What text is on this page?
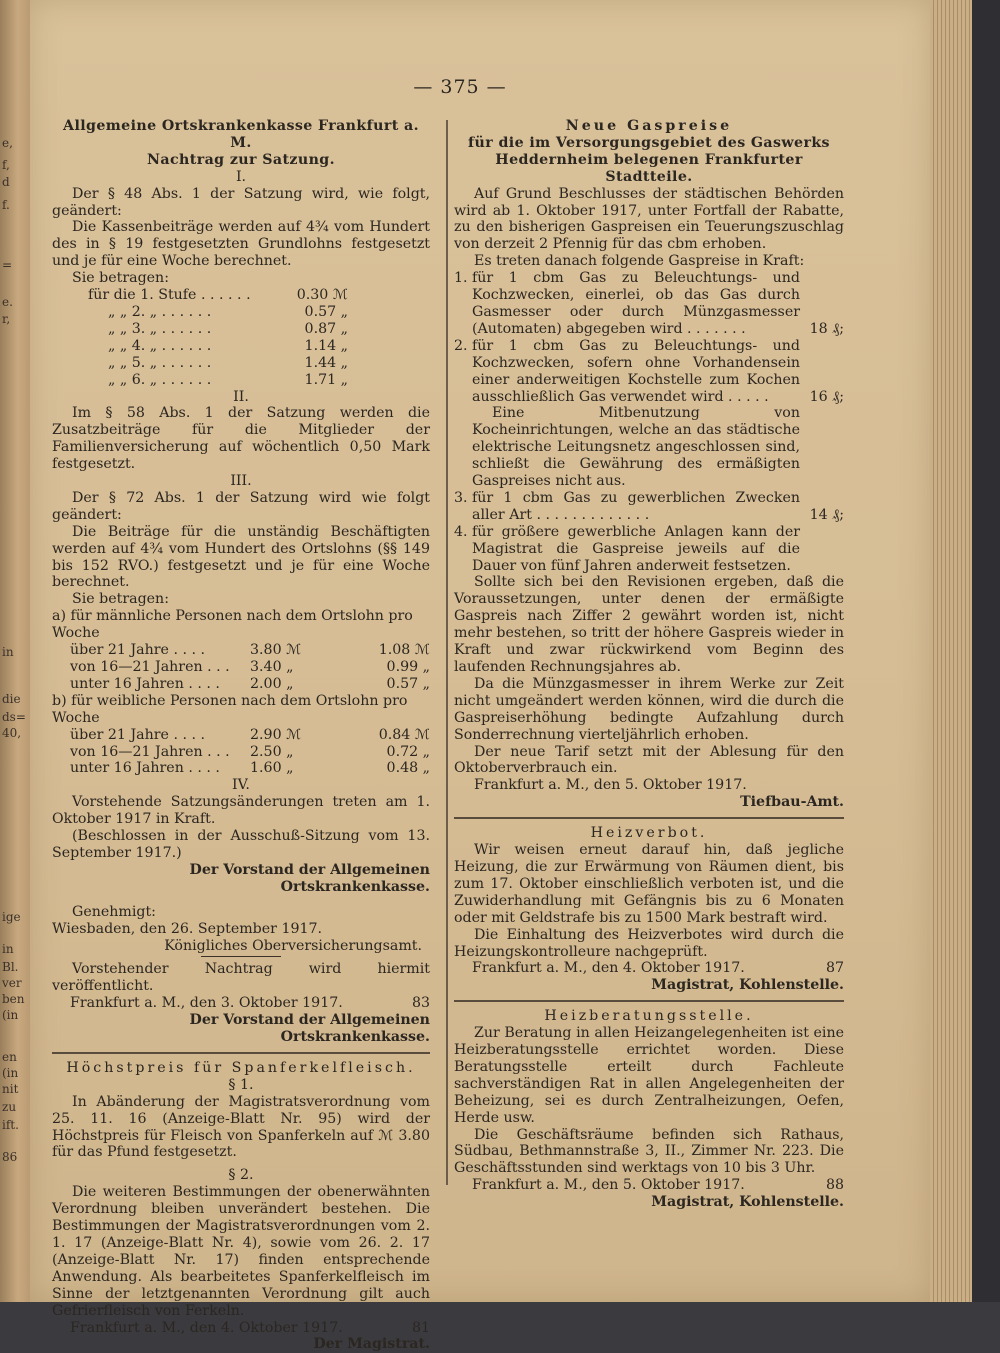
e,
f,
d
f.
=
e.
r,
in
die
ds=
40,
ige
in
Bl.
ver
ben
(in
en
(in
nit
zu
ift.
86
— 375 —
Allgemeine Ortskrankenkasse Frankfurt a. M.
Nachtrag zur Satzung.
I.

Der § 48 Abs. 1 der Satzung wird, wie folgt, geändert:

Die Kassenbeiträge werden auf 4¾ vom Hundert des in § 19 festgesetzten Grundlohns festgesetzt und je für eine Woche berechnet.

Sie betragen:

für die 1. Stufe . . . . . .	0.30 ℳ
„ „ 2. „ . . . . . .	0.57 „
„ „ 3. „ . . . . . .	0.87 „
„ „ 4. „ . . . . . .	1.14 „
„ „ 5. „ . . . . . .	1.44 „
„ „ 6. „ . . . . . .	1.71 „
II.

Im § 58 Abs. 1 der Satzung werden die Zusatzbeiträge für die Mitglieder der Familienversicherung auf wöchentlich 0,50 Mark festgesetzt.

III.

Der § 72 Abs. 1 der Satzung wird wie folgt geändert:

Die Beiträge für die unständig Beschäftigten werden auf 4¾ vom Hundert des Ortslohns (§§ 149 bis 152 RVO.) festgesetzt und je für eine Woche berechnet.

Sie betragen:

a) für männliche Personen nach dem Ortslohn pro Woche
über 21 Jahre . . . .	3.80 ℳ	1.08 ℳ
von 16—21 Jahren . . .	3.40 „	0.99 „
unter 16 Jahren . . . .	2.00 „	0.57 „
b) für weibliche Personen nach dem Ortslohn pro Woche
über 21 Jahre . . . .	2.90 ℳ	0.84 ℳ
von 16—21 Jahren . . .	2.50 „	0.72 „
unter 16 Jahren . . . .	1.60 „	0.48 „
IV.

Vorstehende Satzungsänderungen treten am 1. Oktober 1917 in Kraft.

(Beschlossen in der Ausschuß-Sitzung vom 13. September 1917.)

Der Vorstand der Allgemeinen Ortskrankenkasse.

Genehmigt:

Wiesbaden, den 26. September 1917.

Königliches Oberversicherungsamt.

Vorstehender Nachtrag wird hiermit veröffentlicht.

Frankfurt a. M., den 3. Oktober 1917.	83
Der Vorstand der Allgemeinen Ortskrankenkasse.
Höchstpreis für Spanferkelfleisch.
§ 1.

In Abänderung der Magistratsverordnung vom 25. 11. 16 (Anzeige-Blatt Nr. 95) wird der Höchstpreis für Fleisch von Spanferkeln auf ℳ 3.80 für das Pfund festgesetzt.

§ 2.

Die weiteren Bestimmungen der obenerwähnten Verordnung bleiben unverändert bestehen. Die Bestimmungen der Magistratsverordnungen vom 2. 1. 17 (Anzeige-Blatt Nr. 4), sowie vom 26. 2. 17 (Anzeige-Blatt Nr. 17) finden entsprechende Anwendung. Als bearbeitetes Spanferkelfleisch im Sinne der letztgenannten Verordnung gilt auch Gefrierfleisch von Ferkeln.

Frankfurt a. M., den 4. Oktober 1917.	81
Der Magistrat.
Neue Gaspreise
für die im Versorgungsgebiet des Gaswerks Heddernheim belegenen Frankfurter Stadtteile.

Auf Grund Beschlusses der städtischen Behörden wird ab 1. Oktober 1917, unter Fortfall der Rabatte, zu den bisherigen Gaspreisen ein Teuerungszuschlag von derzeit 2 Pfennig für das cbm erhoben.

Es treten danach folgende Gaspreise in Kraft:

1. für 1 cbm Gas zu Beleuchtungs- und Kochzwecken, einerlei, ob das Gas durch Gasmesser oder durch Münzgasmesser (Automaten) abgegeben wird . . . . . . .	18 ₰;
2. für 1 cbm Gas zu Beleuchtungs- und Kochzwecken, sofern ohne Vorhandensein einer anderweitigen Kochstelle zum Kochen ausschließlich Gas verwendet wird . . . . .	16 ₰;

Eine Mitbenutzung von Kocheinrichtungen, welche an das städtische elektrische Leitungsnetz angeschlossen sind, schließt die Gewährung des ermäßigten Gaspreises nicht aus.

3. für 1 cbm Gas zu gewerblichen Zwecken aller Art . . . . . . . . . . . . .	14 ₰;
4. für größere gewerbliche Anlagen kann der Magistrat die Gaspreise jeweils auf die Dauer von fünf Jahren anderweit festsetzen.

Sollte sich bei den Revisionen ergeben, daß die Voraussetzungen, unter denen der ermäßigte Gaspreis nach Ziffer 2 gewährt worden ist, nicht mehr bestehen, so tritt der höhere Gaspreis wieder in Kraft und zwar rückwirkend vom Beginn des laufenden Rechnungsjahres ab.

Da die Münzgasmesser in ihrem Werke zur Zeit nicht umgeändert werden können, wird die durch die Gaspreiserhöhung bedingte Aufzahlung durch Sonderrechnung vierteljährlich erhoben.

Der neue Tarif setzt mit der Ablesung für den Oktoberverbrauch ein.

Frankfurt a. M., den 5. Oktober 1917.

Tiefbau-Amt.
Heizverbot.

Wir weisen erneut darauf hin, daß jegliche Heizung, die zur Erwärmung von Räumen dient, bis zum 17. Oktober einschließlich verboten ist, und die Zuwiderhandlung mit Gefängnis bis zu 6 Monaten oder mit Geldstrafe bis zu 1500 Mark bestraft wird.

Die Einhaltung des Heizverbotes wird durch die Heizungskontrolleure nachgeprüft.

Frankfurt a. M., den 4. Oktober 1917.	87
Magistrat, Kohlenstelle.
Heizberatungsstelle.

Zur Beratung in allen Heizangelegenheiten ist eine Heizberatungsstelle errichtet worden. Diese Beratungsstelle erteilt durch Fachleute sachverständigen Rat in allen Angelegenheiten der Beheizung, sei es durch Zentralheizungen, Oefen, Herde usw.

Die Geschäftsräume befinden sich Rathaus, Südbau, Bethmannstraße 3, II., Zimmer Nr. 223. Die Geschäftsstunden sind werktags von 10 bis 3 Uhr.

Frankfurt a. M., den 5. Oktober 1917.	88
Magistrat, Kohlenstelle.
